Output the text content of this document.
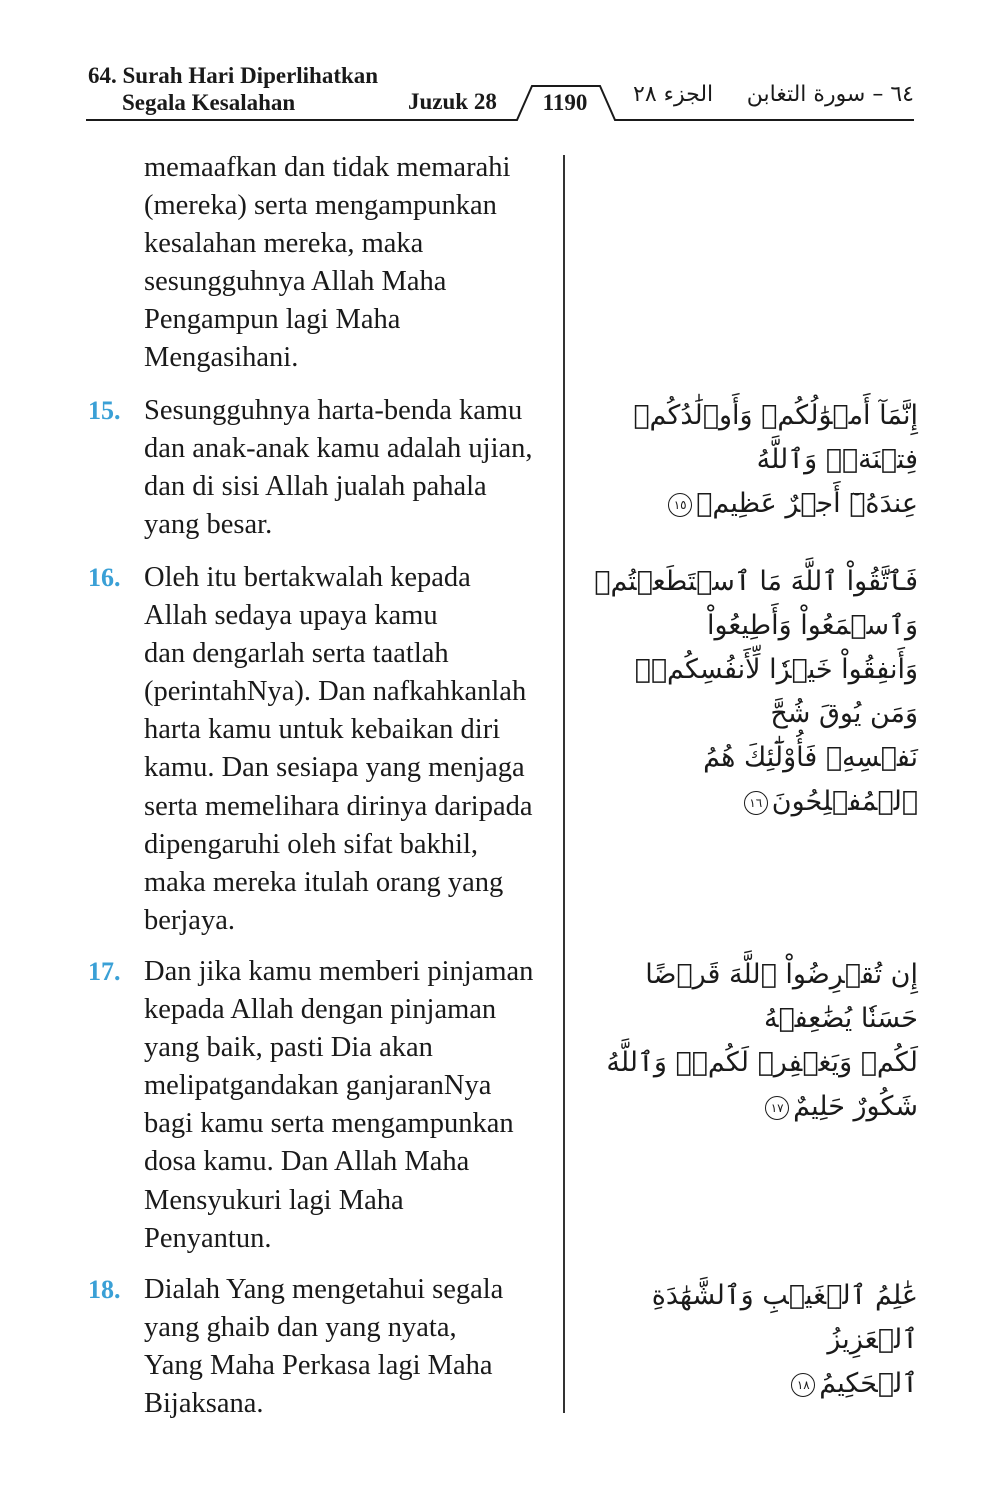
64. Surah Hari Diperlihatkan
Segala Kesalahan	Juzuk 28 1190 الجزء ٢٨ ٦٤ – سورة التغابن
memaafkan dan tidak memarahi
(mereka) serta mengampunkan
kesalahan mereka, maka
sesungguhnya Allah Maha
Pengampun lagi Maha
Mengasihani.
15. Sesungguhnya harta-benda kamu
dan anak-anak kamu adalah ujian,
dan di sisi Allah jualah pahala
yang besar.
إِنَّمَآ أَمۡوَٰلُكُمۡ وَأَوۡلَٰدُكُمۡ فِتۡنَةٞۚ وَٱللَّهُ
عِندَهُۥٓ أَجۡرٌ عَظِيمٞ١٥
16. Oleh itu bertakwalah kepada
Allah sedaya upaya kamu
dan dengarlah serta taatlah
(perintahNya). Dan nafkahkanlah
harta kamu untuk kebaikan diri
kamu. Dan sesiapa yang menjaga
serta memelihara dirinya daripada
dipengaruhi oleh sifat bakhil,
maka mereka itulah orang yang
berjaya.
فَٱتَّقُواْ ٱللَّهَ مَا ٱسۡتَطَعۡتُمۡ وَٱسۡمَعُواْ وَأَطِيعُواْ
وَأَنفِقُواْ خَيۡرٗا لِّأَنفُسِكُمۡۗ وَمَن يُوقَ شُحَّ
نَفۡسِهِۦ فَأُوْلَٰٓئِكَ هُمُ ٱلۡمُفۡلِحُونَ١٦
17. Dan jika kamu memberi pinjaman
kepada Allah dengan pinjaman
yang baik, pasti Dia akan
melipatgandakan ganjaranNya
bagi kamu serta mengampunkan
dosa kamu. Dan Allah Maha
Mensyukuri lagi Maha
Penyantun.
إِن تُقۡرِضُواْ ٱللَّهَ قَرۡضًا حَسَنٗا يُضَٰعِفۡهُ
لَكُمۡ وَيَغۡفِرۡ لَكُمۡۚ وَٱللَّهُ شَكُورٌ حَلِيمٌ١٧
18. Dialah Yang mengetahui segala
yang ghaib dan yang nyata,
Yang Maha Perkasa lagi Maha
Bijaksana.
عَٰلِمُ ٱلۡغَيۡبِ وَٱلشَّهَٰدَةِ ٱلۡعَزِيزُ
ٱلۡحَكِيمُ١٨
